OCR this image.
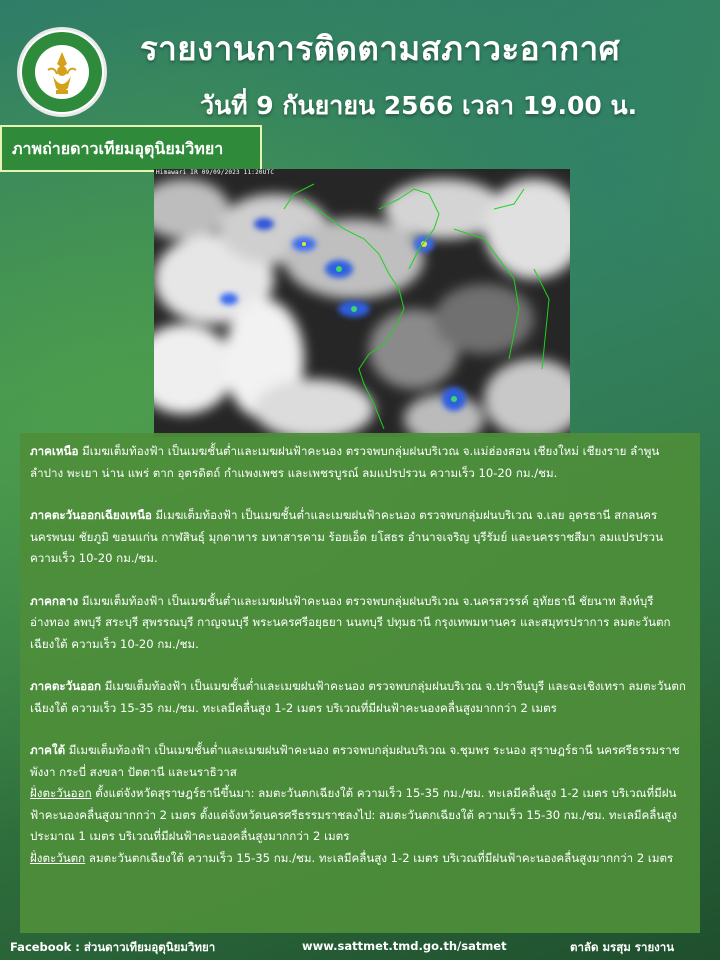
รายงานการติดตามสภาวะอากาศ
วันที่ 9 กันยายน 2566 เวลา 19.00 น.
ภาพถ่ายดาวเทียมอุตุนิยมวิทยา
Himawari IR 09/09/2023 11:20UTC
ภาคเหนือ มีเมฆเต็มท้องฟ้า เป็นเมฆชั้นต่ำและเมฆฝนฟ้าคะนอง ตรวจพบกลุ่มฝนบริเวณ จ.แม่ฮ่องสอน เชียงใหม่ เชียงราย ลำพูน ลำปาง พะเยา น่าน แพร่ ตาก อุตรดิตถ์ กำแพงเพชร และเพชรบูรณ์ ลมแปรปรวน ความเร็ว 10-20 กม./ชม.
ภาคตะวันออกเฉียงเหนือ มีเมฆเต็มท้องฟ้า เป็นเมฆชั้นต่ำและเมฆฝนฟ้าคะนอง ตรวจพบกลุ่มฝนบริเวณ จ.เลย อุดรธานี สกลนคร นครพนม ชัยภูมิ ขอนแก่น กาฬสินธุ์ มุกดาหาร มหาสารคาม ร้อยเอ็ด ยโสธร อำนาจเจริญ บุรีรัมย์ และนครราชสีมา ลมแปรปรวน ความเร็ว 10-20 กม./ชม.
ภาคกลาง มีเมฆเต็มท้องฟ้า เป็นเมฆชั้นต่ำและเมฆฝนฟ้าคะนอง ตรวจพบกลุ่มฝนบริเวณ จ.นครสวรรค์ อุทัยธานี ชัยนาท สิงห์บุรี อ่างทอง ลพบุรี สระบุรี สุพรรณบุรี กาญจนบุรี พระนครศรีอยุธยา นนทบุรี ปทุมธานี กรุงเทพมหานคร และสมุทรปราการ ลมตะวันตกเฉียงใต้ ความเร็ว 10-20 กม./ชม.
ภาคตะวันออก มีเมฆเต็มท้องฟ้า เป็นเมฆชั้นต่ำและเมฆฝนฟ้าคะนอง ตรวจพบกลุ่มฝนบริเวณ จ.ปราจีนบุรี และฉะเชิงเทรา ลมตะวันตกเฉียงใต้ ความเร็ว 15-35 กม./ชม. ทะเลมีคลื่นสูง 1-2 เมตร บริเวณที่มีฝนฟ้าคะนองคลื่นสูงมากกว่า 2 เมตร
ภาคใต้ มีเมฆเต็มท้องฟ้า เป็นเมฆชั้นต่ำและเมฆฝนฟ้าคะนอง ตรวจพบกลุ่มฝนบริเวณ จ.ชุมพร ระนอง สุราษฎร์ธานี นครศรีธรรมราช พังงา กระบี่ สงขลา ปัตตานี และนราธิวาส
ฝั่งตะวันออก ตั้งแต่จังหวัดสุราษฎร์ธานีขึ้นมา: ลมตะวันตกเฉียงใต้ ความเร็ว 15-35 กม./ชม. ทะเลมีคลื่นสูง 1-2 เมตร บริเวณที่มีฝนฟ้าคะนองคลื่นสูงมากกว่า 2 เมตร ตั้งแต่จังหวัดนครศรีธรรมราชลงไป: ลมตะวันตกเฉียงใต้ ความเร็ว 15-30 กม./ชม. ทะเลมีคลื่นสูงประมาณ 1 เมตร บริเวณที่มีฝนฟ้าคะนองคลื่นสูงมากกว่า 2 เมตร
ฝั่งตะวันตก ลมตะวันตกเฉียงใต้ ความเร็ว 15-35 กม./ชม. ทะเลมีคลื่นสูง 1-2 เมตร บริเวณที่มีฝนฟ้าคะนองคลื่นสูงมากกว่า 2 เมตร
Facebook : ส่วนดาวเทียมอุตุนิยมวิทยา	www.sattmet.tmd.go.th/satmet	ตาลัด มรสุม รายงาน
